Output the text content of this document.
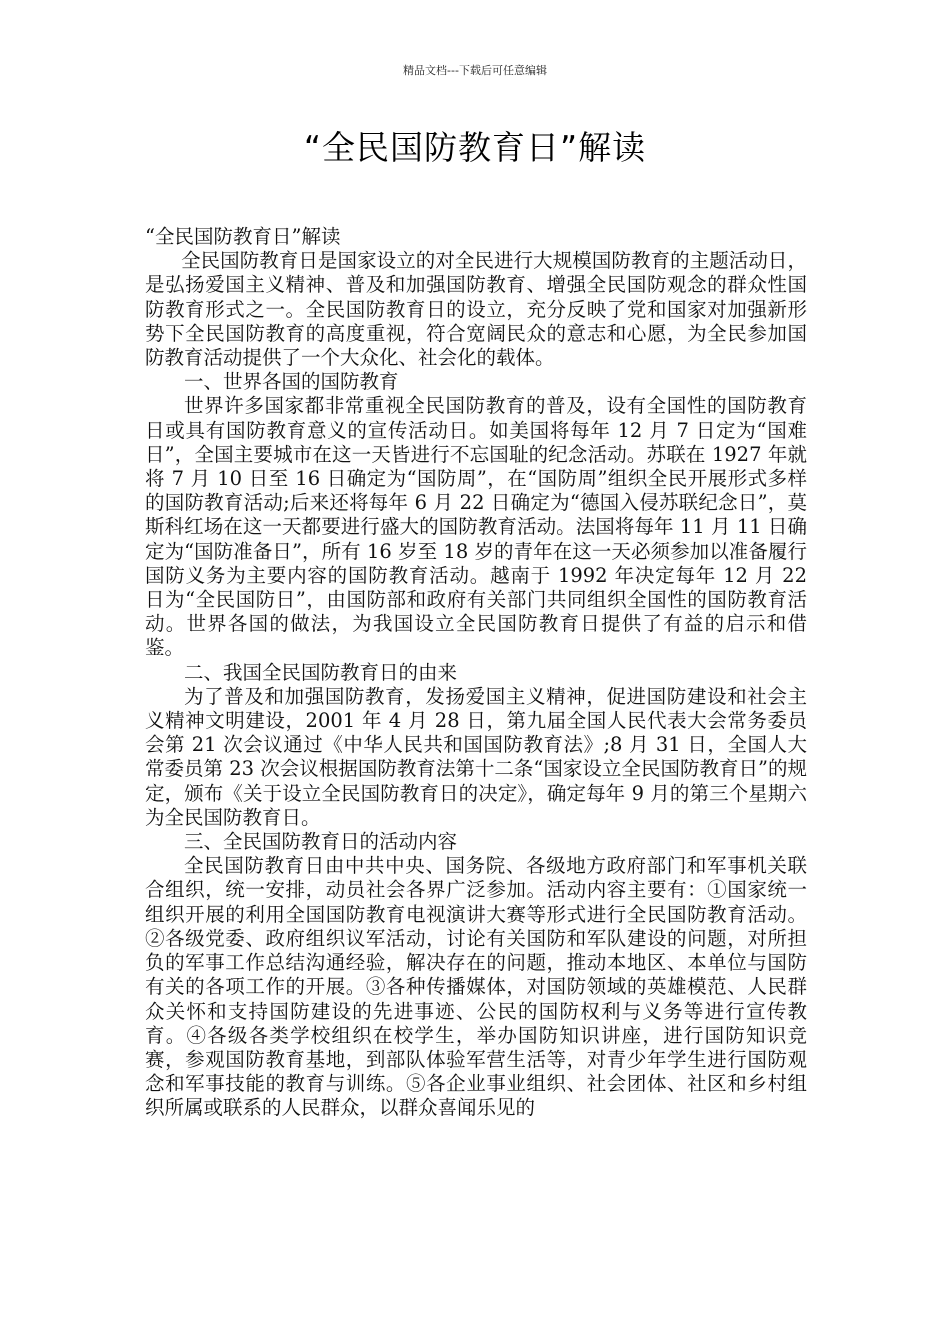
精品文档---下载后可任意编辑
“全民国防教育日”解读

“全民国防教育日”解读

全民国防教育日是国家设立的对全民进行大规模国防教育的主题活动日，是弘扬爱国主义精神、普及和加强国防教育、增强全民国防观念的群众性国防教育形式之一。全民国防教育日的设立，充分反映了党和国家对加强新形势下全民国防教育的高度重视，符合宽阔民众的意志和心愿，为全民参加国防教育活动提供了一个大众化、社会化的载体。

一、世界各国的国防教育

世界许多国家都非常重视全民国防教育的普及，设有全国性的国防教育日或具有国防教育意义的宣传活动日。如美国将每年 12 月 7 日定为“国难日”，全国主要城市在这一天皆进行不忘国耻的纪念活动。苏联在 1927 年就将 7 月 10 日至 16 日确定为“国防周”，在“国防周”组织全民开展形式多样的国防教育活动;后来还将每年 6 月 22 日确定为“德国入侵苏联纪念日”，莫斯科红场在这一天都要进行盛大的国防教育活动。法国将每年 11 月 11 日确定为“国防准备日”，所有 16 岁至 18 岁的青年在这一天必须参加以准备履行国防义务为主要内容的国防教育活动。越南于 1992 年决定每年 12 月 22 日为“全民国防日”，由国防部和政府有关部门共同组织全国性的国防教育活动。世界各国的做法，为我国设立全民国防教育日提供了有益的启示和借鉴。

二、我国全民国防教育日的由来

为了普及和加强国防教育，发扬爱国主义精神，促进国防建设和社会主义精神文明建设，2001 年 4 月 28 日，第九届全国人民代表大会常务委员会第 21 次会议通过《中华人民共和国国防教育法》;8 月 31 日，全国人大常委员第 23 次会议根据国防教育法第十二条“国家设立全民国防教育日”的规定，颁布《关于设立全民国防教育日的决定》，确定每年 9 月的第三个星期六为全民国防教育日。

三、全民国防教育日的活动内容

全民国防教育日由中共中央、国务院、各级地方政府部门和军事机关联合组织，统一安排，动员社会各界广泛参加。活动内容主要有：①国家统一组织开展的利用全国国防教育电视演讲大赛等形式进行全民国防教育活动。②各级党委、政府组织议军活动，讨论有关国防和军队建设的问题，对所担负的军事工作总结沟通经验，解决存在的问题，推动本地区、本单位与国防有关的各项工作的开展。③各种传播媒体，对国防领域的英雄模范、人民群众关怀和支持国防建设的先进事迹、公民的国防权利与义务等进行宣传教育。④各级各类学校组织在校学生，举办国防知识讲座，进行国防知识竞赛，参观国防教育基地，到部队体验军营生活等，对青少年学生进行国防观念和军事技能的教育与训练。⑤各企业事业组织、社会团体、社区和乡村组织所属或联系的人民群众，以群众喜闻乐见的
